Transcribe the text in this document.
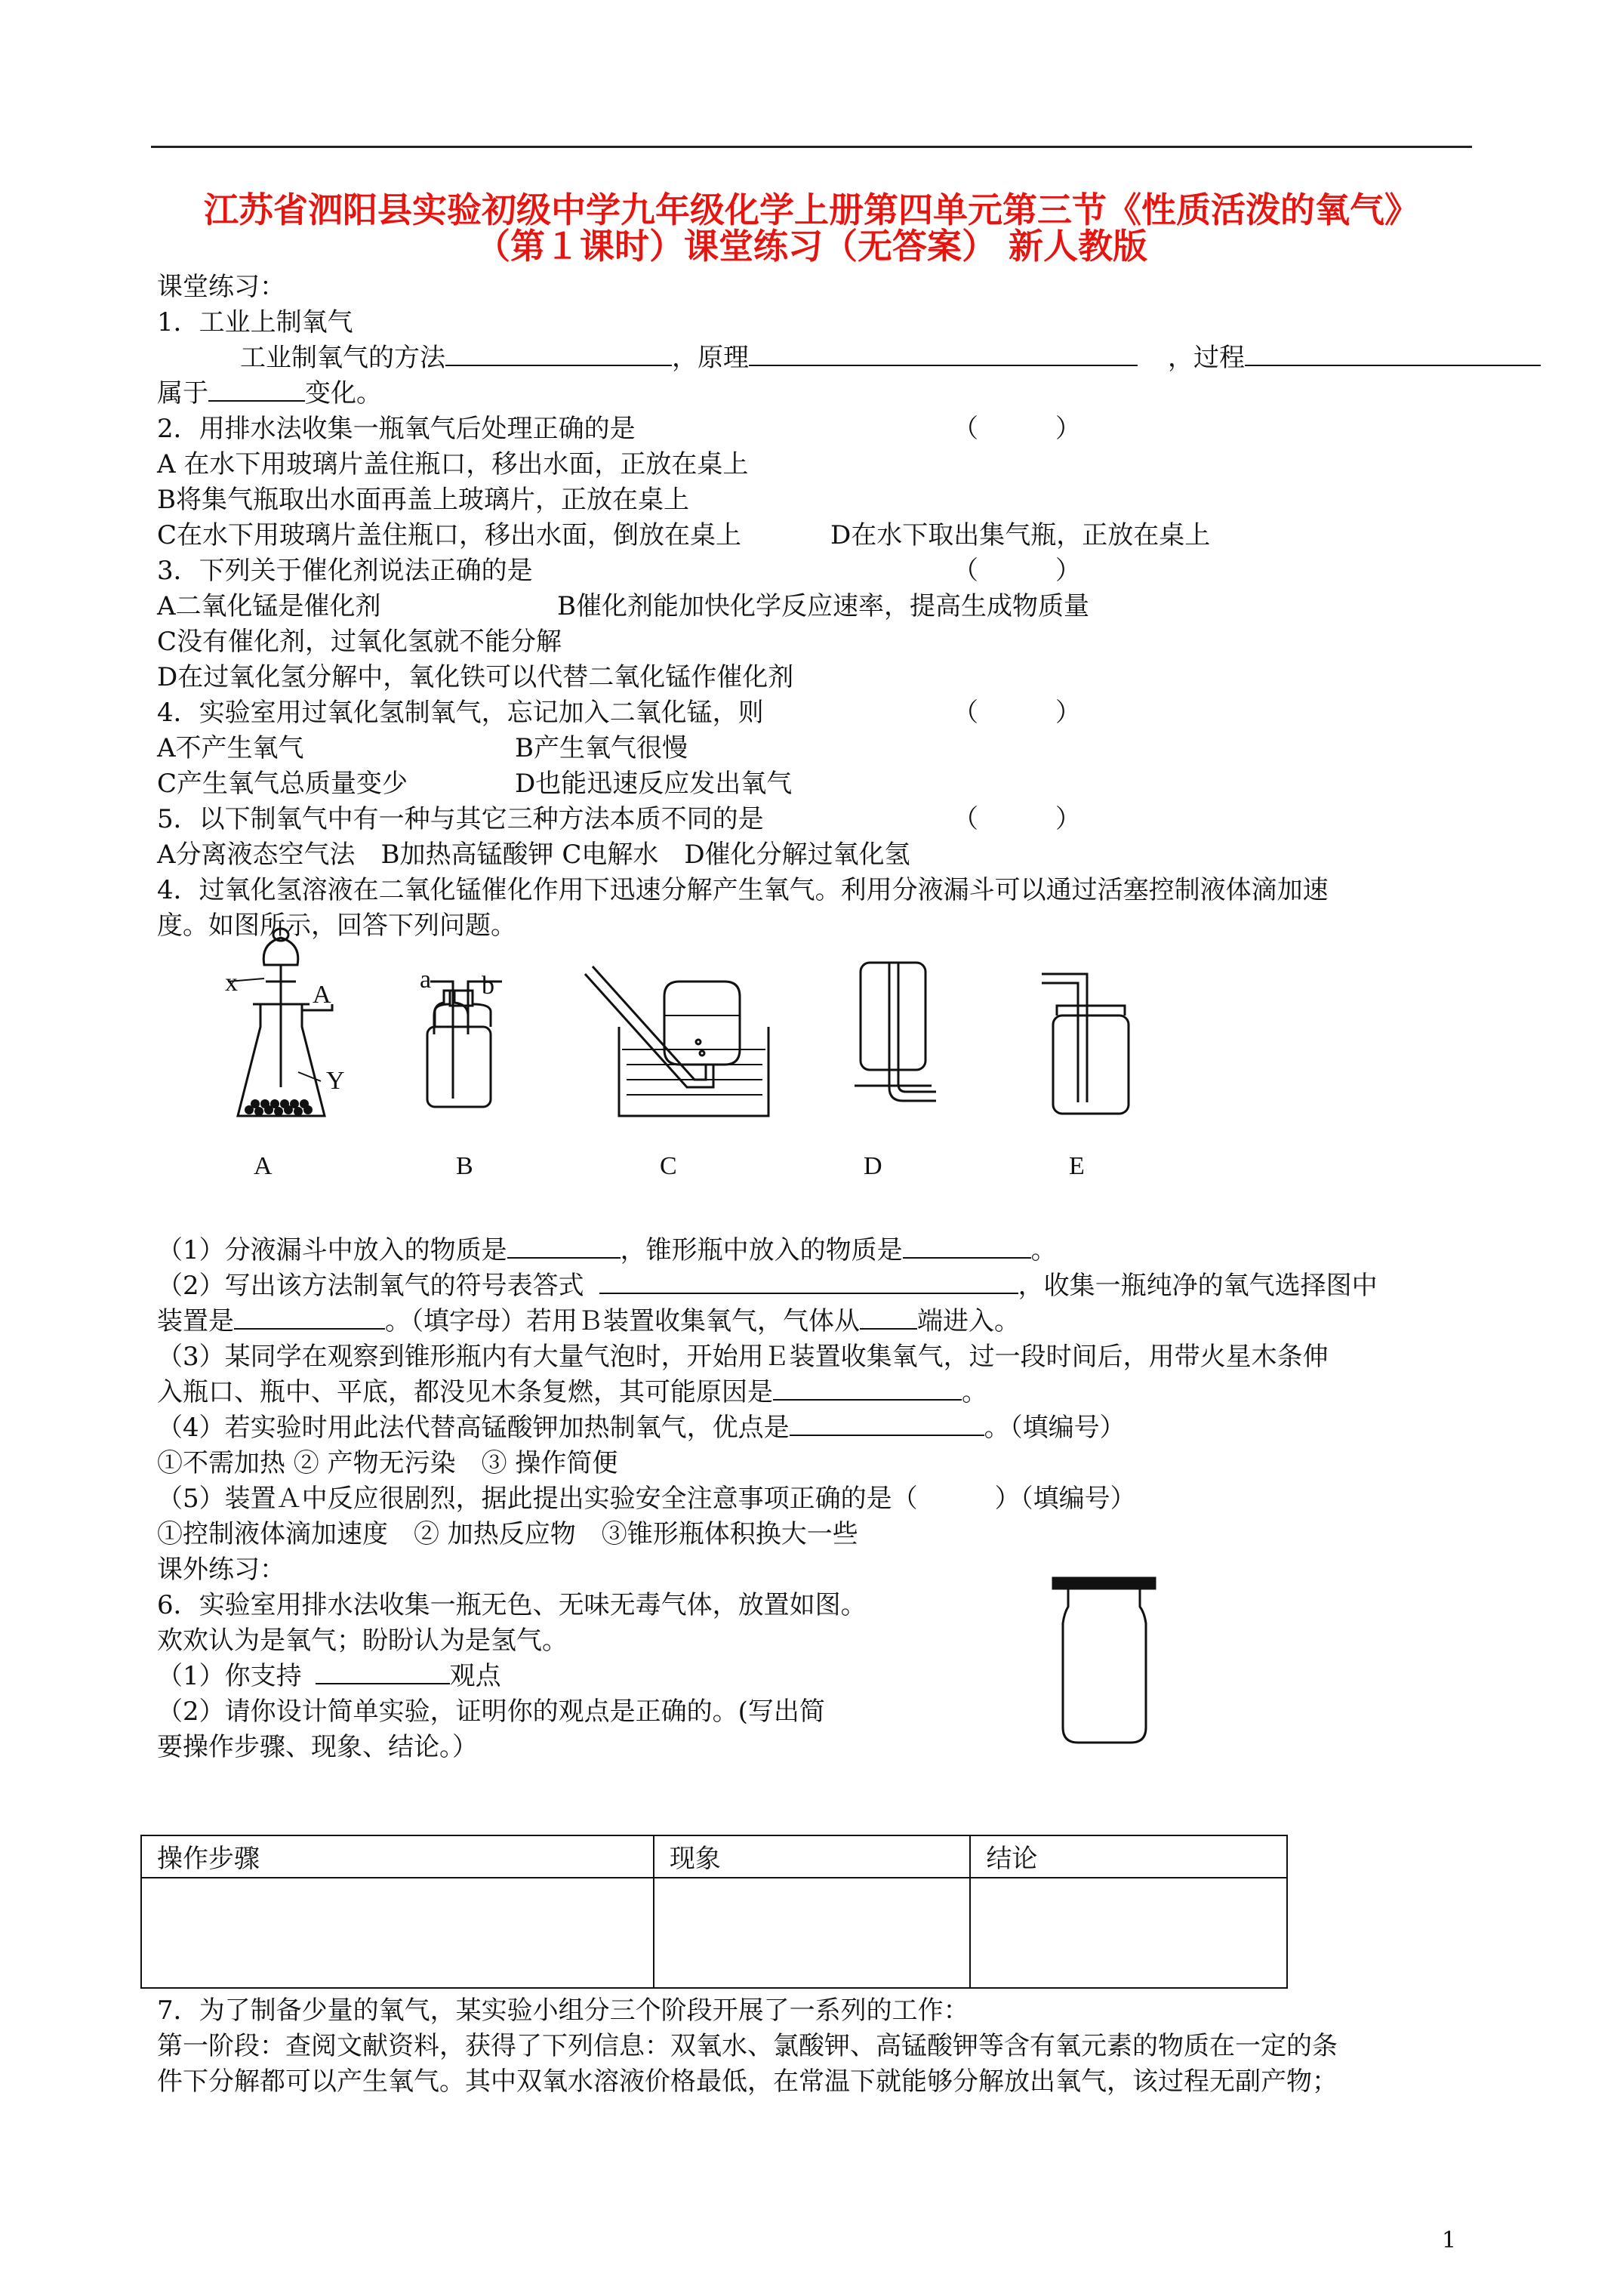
江苏省泗阳县实验初级中学九年级化学上册第四单元第三节《性质活泼的氧气》
（第１课时）课堂练习（无答案） 新人教版
课堂练习：
1．工业上制氧气
工业制氧气的方法	，原理	，过程
属于	变化。
2．用排水法收集一瓶氧气后处理正确的是	（　　　）
A 在水下用玻璃片盖住瓶口，移出水面，正放在桌上
B将集气瓶取出水面再盖上玻璃片，正放在桌上
C在水下用玻璃片盖住瓶口，移出水面，倒放在桌上	D在水下取出集气瓶，正放在桌上
3．下列关于催化剂说法正确的是	（　　　）
A二氧化锰是催化剂	B催化剂能加快化学反应速率，提高生成物质量
C没有催化剂，过氧化氢就不能分解
D在过氧化氢分解中，氧化铁可以代替二氧化锰作催化剂
4．实验室用过氧化氢制氧气，忘记加入二氧化锰，则	（　　　）
A不产生氧气	B产生氧气很慢
C产生氧气总质量变少	D也能迅速反应发出氧气
5．以下制氧气中有一种与其它三种方法本质不同的是	（　　　）
A分离液态空气法　B加热高锰酸钾 C电解水　D催化分解过氧化氢
4．过氧化氢溶液在二氧化锰催化作用下迅速分解产生氧气。利用分液漏斗可以通过活塞控制液体滴加速
度。如图所示，回答下列问题。
x	A
Y
a b
A	B	C	D	E
（1）分液漏斗中放入的物质是	，锥形瓶中放入的物质是	。
（2）写出该方法制氧气的符号表答式	，收集一瓶纯净的氧气选择图中
装置是	。（填字母）若用Ｂ装置收集氧气，气体从 端进入。
（3）某同学在观察到锥形瓶内有大量气泡时，开始用Ｅ装置收集氧气，过一段时间后，用带火星木条伸
入瓶口、瓶中、平底，都没见木条复燃，其可能原因是	。
（4）若实验时用此法代替高锰酸钾加热制氧气，优点是	。（填编号）
①不需加热 ② 产物无污染　③ 操作简便
（5）装置Ａ中反应很剧烈，据此提出实验安全注意事项正确的是（　　　）（填编号）
①控制液体滴加速度　② 加热反应物　③锥形瓶体积换大一些
课外练习：
6．实验室用排水法收集一瓶无色、无味无毒气体，放置如图。
欢欢认为是氧气；盼盼认为是氢气。
（1）你支持	观点
（2）请你设计简单实验，证明你的观点是正确的。(写出简
要操作步骤、现象、结论。）
操作步骤	现象	结论

7．为了制备少量的氧气，某实验小组分三个阶段开展了一系列的工作：
第一阶段：查阅文献资料，获得了下列信息：双氧水、氯酸钾、高锰酸钾等含有氧元素的物质在一定的条
件下分解都可以产生氧气。其中双氧水溶液价格最低，在常温下就能够分解放出氧气，该过程无副产物；
1
